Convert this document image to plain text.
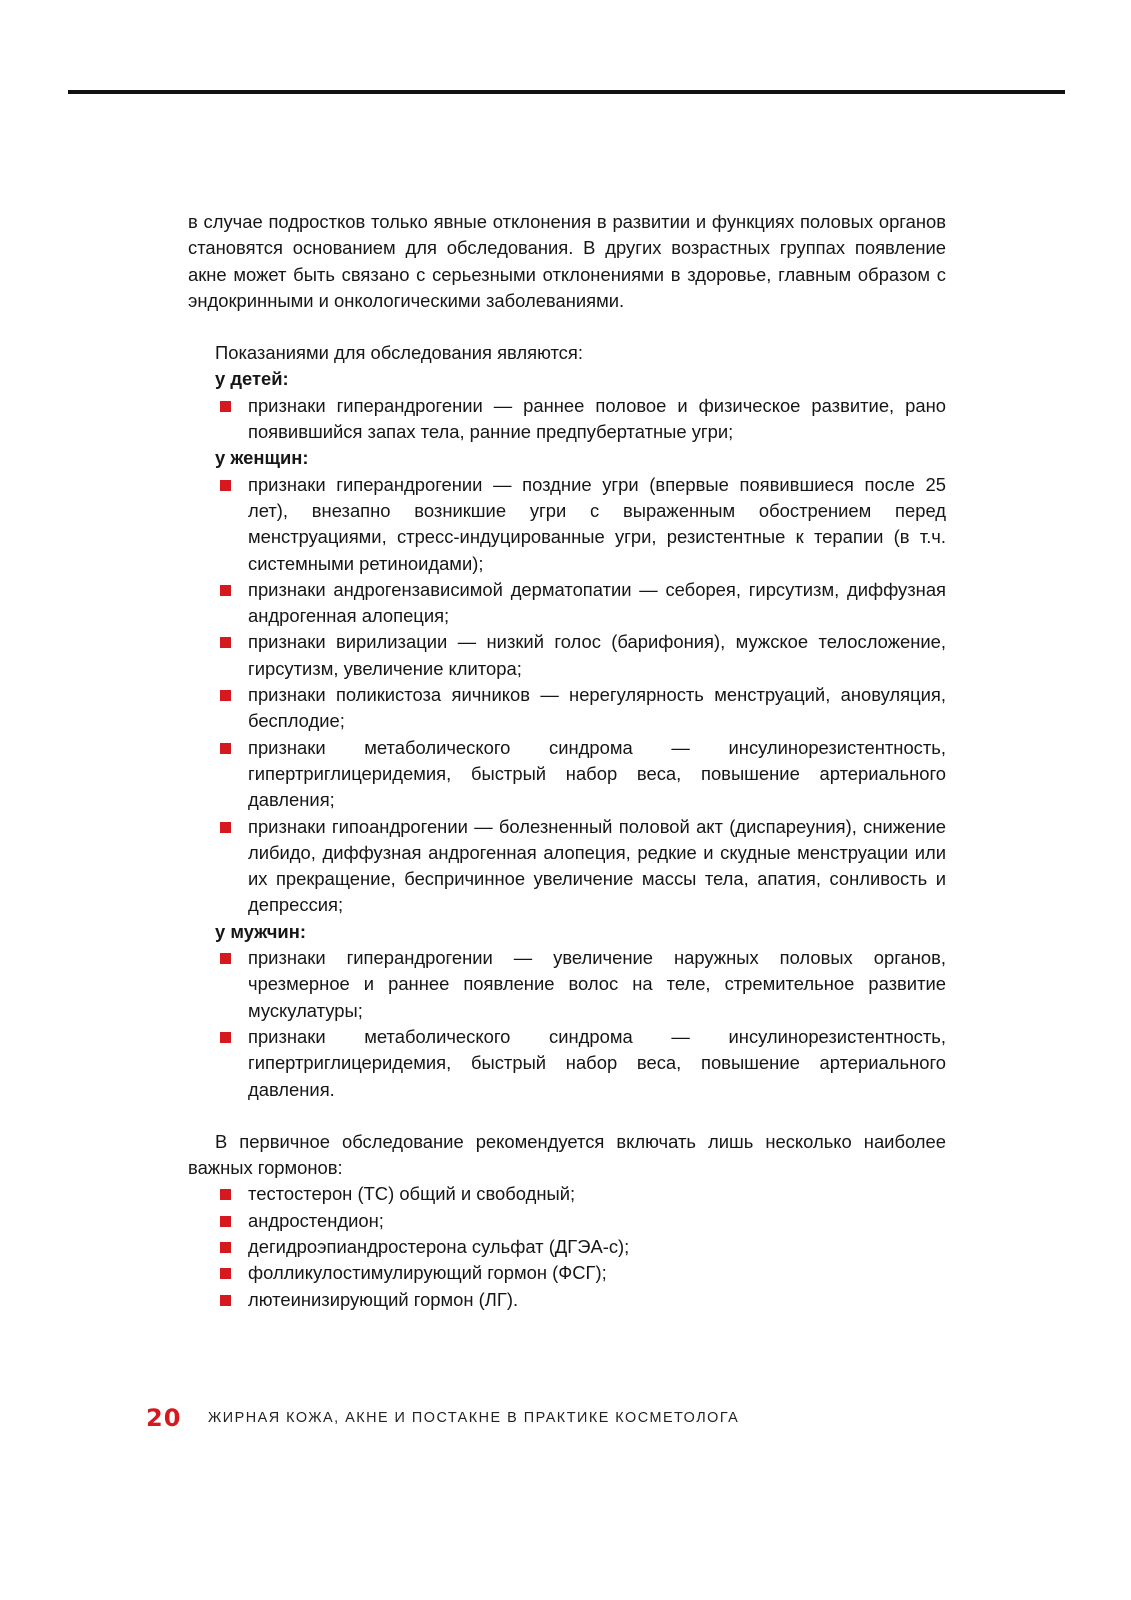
в случае подростков только явные отклонения в развитии и функциях половых органов становятся основанием для обследования. В других возрастных группах появление акне может быть связано с серьезными отклонениями в здоровье, главным образом с эндокринными и онкологическими заболеваниями.

Показаниями для обследования являются:

у детей:

признаки гиперандрогении — раннее половое и физическое развитие, рано появившийся запах тела, ранние предпубертатные угри;

у женщин:

признаки гиперандрогении — поздние угри (впервые появившиеся после 25 лет), внезапно возникшие угри с выраженным обострением перед менструациями, стресс-индуцированные угри, резистентные к терапии (в т.ч. системными ретиноидами);
признаки андрогензависимой дерматопатии — себорея, гирсутизм, диффузная андрогенная алопеция;
признаки вирилизации — низкий голос (барифония), мужское телосложение, гирсутизм, увеличение клитора;
признаки поликистоза яичников — нерегулярность менструаций, ановуляция, бесплодие;
признаки метаболического синдрома — инсулинорезистентность, гипертриглицеридемия, быстрый набор веса, повышение артериального давления;
признаки гипоандрогении — болезненный половой акт (диспареуния), снижение либидо, диффузная андрогенная алопеция, редкие и скудные менструации или их прекращение, беспричинное увеличение массы тела, апатия, сонливость и депрессия;

у мужчин:

признаки гиперандрогении — увеличение наружных половых органов, чрезмерное и раннее появление волос на теле, стремительное развитие мускулатуры;
признаки метаболического синдрома — инсулинорезистентность, гипертриглицеридемия, быстрый набор веса, повышение артериального давления.

В первичное обследование рекомендуется включать лишь несколько наиболее важных гормонов:

тестостерон (ТС) общий и свободный;
андростендион;
дегидроэпиандростерона сульфат (ДГЭА-с);
фолликулостимулирующий гормон (ФСГ);
лютеинизирующий гормон (ЛГ).
20	ЖИРНАЯ КОЖА, АКНЕ И ПОСТАКНЕ В ПРАКТИКЕ КОСМЕТОЛОГА
